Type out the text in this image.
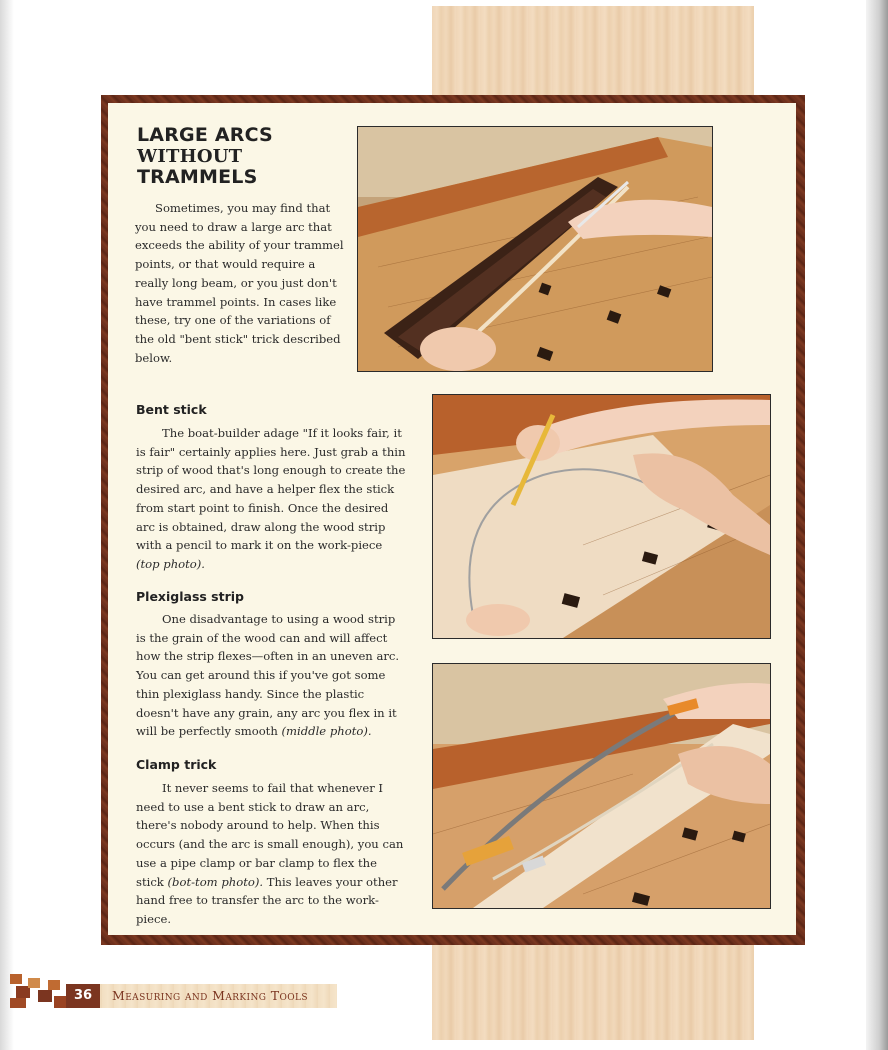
LARGE ARCS
WITHOUT
TRAMMELS

Sometimes, you may find that you need to draw a large arc that exceeds the ability of your trammel points, or that would require a really long beam, or you just don't have trammel points. In cases like these, try one of the variations of the old "bent stick" trick described below.

Bent stick

The boat-builder adage "If it looks fair, it is fair" certainly applies here. Just grab a thin strip of wood that's long enough to create the desired arc, and have a helper flex the stick from start point to finish. Once the desired arc is obtained, draw along the wood strip with a pencil to mark it on the work-piece (top photo).

Plexiglass strip

One disadvantage to using a wood strip is the grain of the wood can and will affect how the strip flexes—often in an uneven arc. You can get around this if you've got some thin plexiglass handy. Since the plastic doesn't have any grain, any arc you flex in it will be perfectly smooth (middle photo).

Clamp trick

It never seems to fail that whenever I need to use a bent stick to draw an arc, there's nobody around to help. When this occurs (and the arc is small enough), you can use a pipe clamp or bar clamp to flex the stick (bot-tom photo). This leaves your other hand free to transfer the arc to the work-piece.

36	Measuring and Marking Tools
